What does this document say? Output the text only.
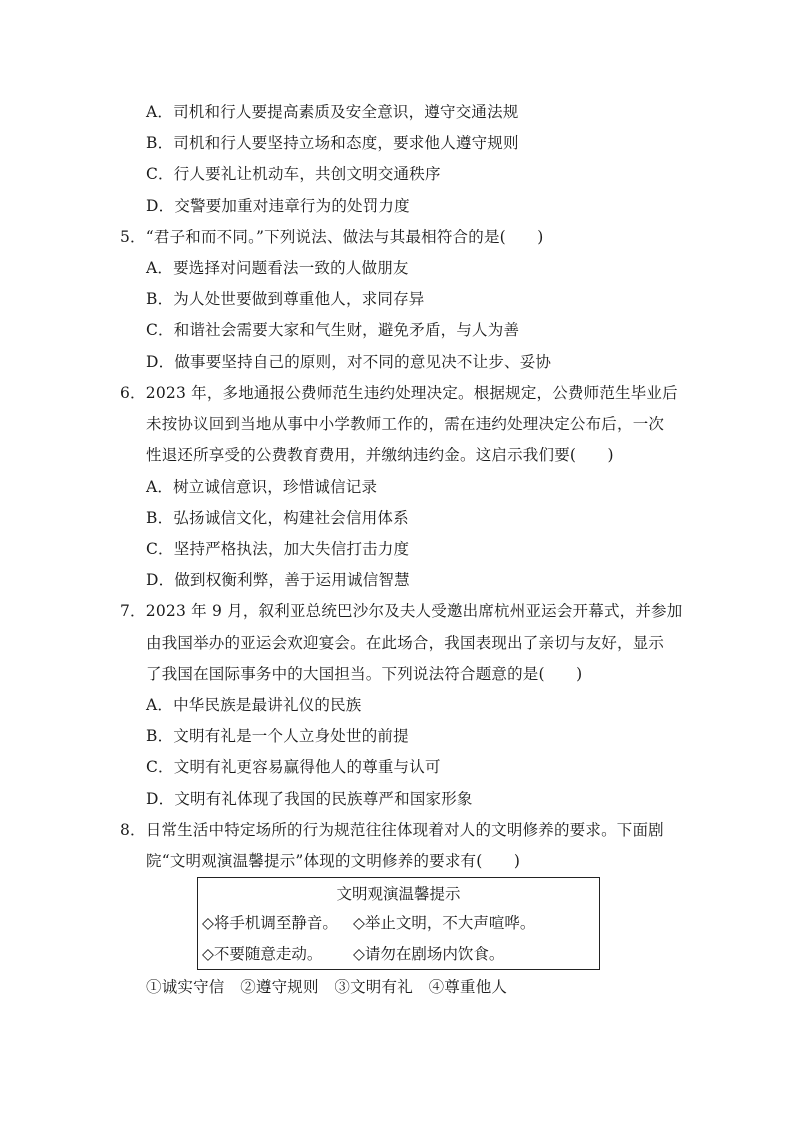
A．司机和行人要提高素质及安全意识，遵守交通法规
B．司机和行人要坚持立场和态度，要求他人遵守规则
C．行人要礼让机动车，共创文明交通秩序
D．交警要加重对违章行为的处罚力度
5．“君子和而不同。”下列说法、做法与其最相符合的是(　　)
A．要选择对问题看法一致的人做朋友
B．为人处世要做到尊重他人，求同存异
C．和谐社会需要大家和气生财，避免矛盾，与人为善
D．做事要坚持自己的原则，对不同的意见决不让步、妥协
6．2023 年，多地通报公费师范生违约处理决定。根据规定，公费师范生毕业后
未按协议回到当地从事中小学教师工作的，需在违约处理决定公布后，一次
性退还所享受的公费教育费用，并缴纳违约金。这启示我们要(　　)
A．树立诚信意识，珍惜诚信记录
B．弘扬诚信文化，构建社会信用体系
C．坚持严格执法，加大失信打击力度
D．做到权衡利弊，善于运用诚信智慧
7．2023 年 9 月，叙利亚总统巴沙尔及夫人受邀出席杭州亚运会开幕式，并参加
由我国举办的亚运会欢迎宴会。在此场合，我国表现出了亲切与友好，显示
了我国在国际事务中的大国担当。下列说法符合题意的是(　　)
A．中华民族是最讲礼仪的民族
B．文明有礼是一个人立身处世的前提
C．文明有礼更容易赢得他人的尊重与认可
D．文明有礼体现了我国的民族尊严和国家形象
8．日常生活中特定场所的行为规范往往体现着对人的文明修养的要求。下面剧
院“文明观演温馨提示”体现的文明修养的要求有(　　)
文明观演温馨提示
◇将手机调至静音。 ◇举止文明，不大声喧哗。
◇不要随意走动。 ◇请勿在剧场内饮食。
①诚实守信　②遵守规则　③文明有礼　④尊重他人
